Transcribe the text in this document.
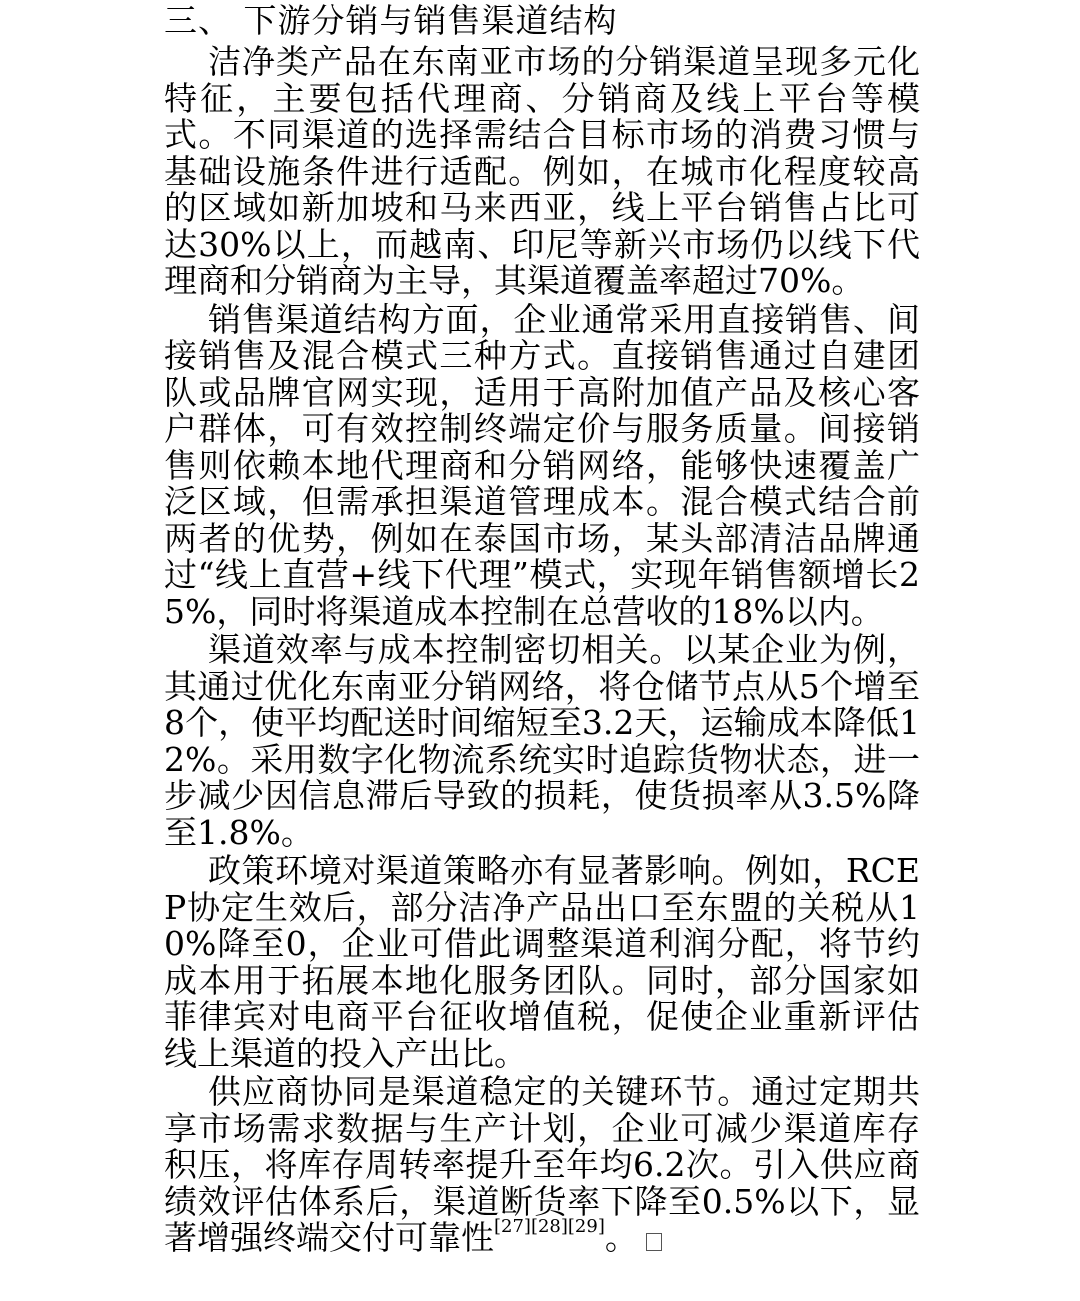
三、 下游分销与销售渠道结构

洁净类产品在东南亚市场的分销渠道呈现多元化特征，主要包括代理商、分销商及线上平台等模式。不同渠道的选择需结合目标市场的消费习惯与基础设施条件进行适配。例如，在城市化程度较高的区域如新加坡和马来西亚，线上平台销售占比可达30%以上，而越南、印尼等新兴市场仍以线下代理商和分销商为主导，其渠道覆盖率超过70%。

销售渠道结构方面，企业通常采用直接销售、间接销售及混合模式三种方式。直接销售通过自建团队或品牌官网实现，适用于高附加值产品及核心客户群体，可有效控制终端定价与服务质量。间接销售则依赖本地代理商和分销网络，能够快速覆盖广泛区域，但需承担渠道管理成本。混合模式结合前两者的优势，例如在泰国市场，某头部清洁品牌通过“线上直营+线下代理”模式，实现年销售额增长25%，同时将渠道成本控制在总营收的18%以内。

渠道效率与成本控制密切相关。以某企业为例，其通过优化东南亚分销网络，将仓储节点从5个增至8个，使平均配送时间缩短至3.2天，运输成本降低12%。采用数字化物流系统实时追踪货物状态，进一步减少因信息滞后导致的损耗，使货损率从3.5%降至1.8%。

政策环境对渠道策略亦有显著影响。例如，RCEP协定生效后，部分洁净产品出口至东盟的关税从10%降至0，企业可借此调整渠道利润分配，将节约成本用于拓展本地化服务团队。同时，部分国家如菲律宾对电商平台征收增值税，促使企业重新评估线上渠道的投入产出比。

供应商协同是渠道稳定的关键环节。通过定期共享市场需求数据与生产计划，企业可减少渠道库存积压，将库存周转率提升至年均6.2次。引入供应商绩效评估体系后，渠道断货率下降至0.5%以下，显著增强终端交付可靠性[27][28][29]。
